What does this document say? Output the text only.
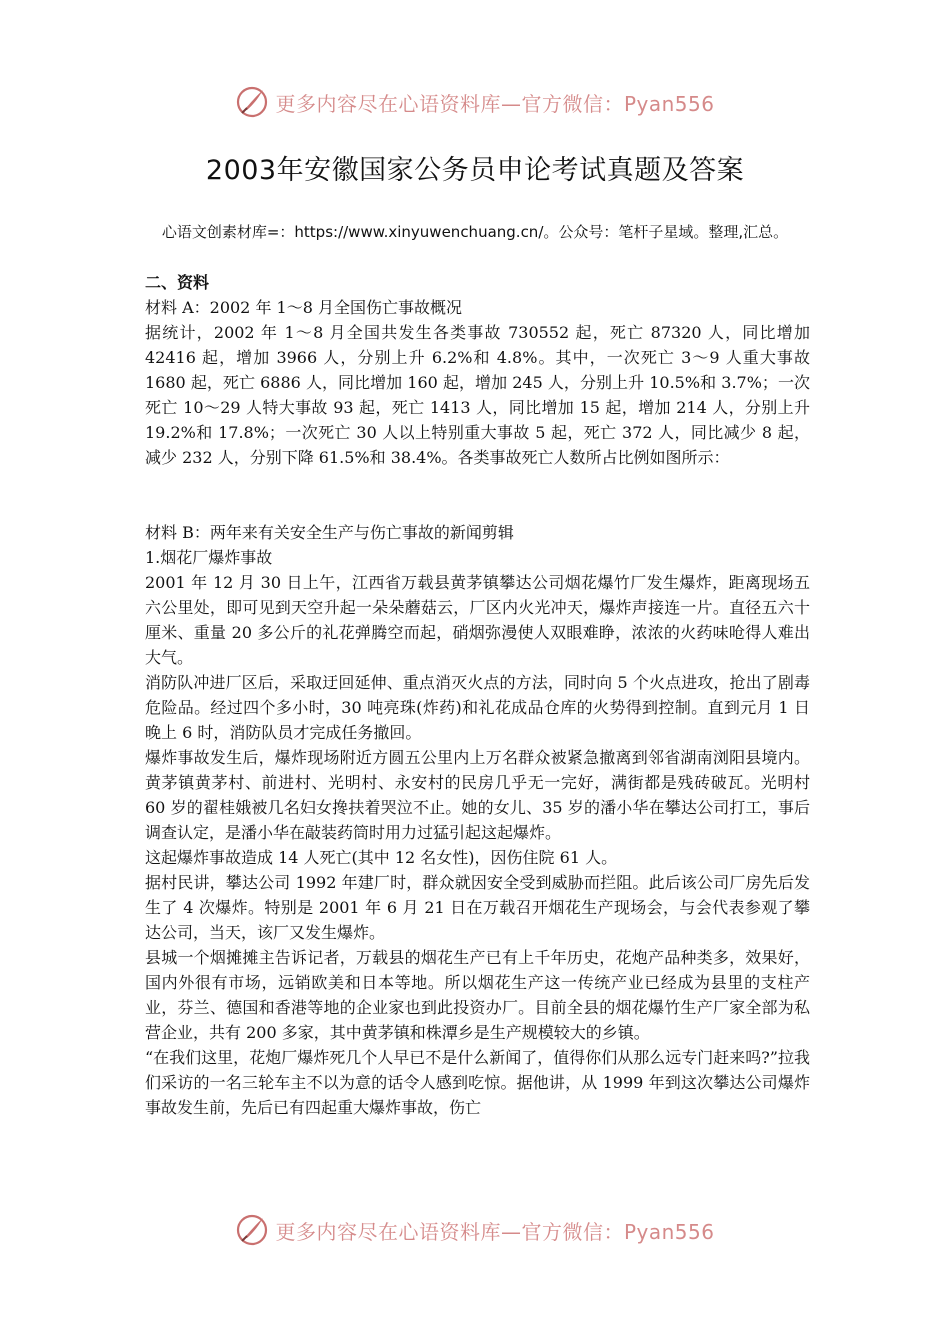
更多内容尽在心语资料库—官方微信：Pyan556
2003年安徽国家公务员申论考试真题及答案
心语文创素材库=：https://www.xinyuwenchuang.cn/。公众号：笔杆子星域。整理,汇总。

二、资料

材料 A：2002 年 1～8 月全国伤亡事故概况

据统计，2002 年 1～8 月全国共发生各类事故 730552 起，死亡 87320 人，同比增加 42416 起，增加 3966 人，分别上升 6.2%和 4.8%。其中，一次死亡 3～9 人重大事故 1680 起，死亡 6886 人，同比增加 160 起，增加 245 人，分别上升 10.5%和 3.7%；一次死亡 10～29 人特大事故 93 起，死亡 1413 人，同比增加 15 起，增加 214 人，分别上升 19.2%和 17.8%；一次死亡 30 人以上特别重大事故 5 起，死亡 372 人，同比减少 8 起，减少 232 人，分别下降 61.5%和 38.4%。各类事故死亡人数所占比例如图所示：

材料 B：两年来有关安全生产与伤亡事故的新闻剪辑

1.烟花厂爆炸事故

2001 年 12 月 30 日上午，江西省万载县黄茅镇攀达公司烟花爆竹厂发生爆炸，距离现场五六公里处，即可见到天空升起一朵朵蘑菇云，厂区内火光冲天，爆炸声接连一片。直径五六十厘米、重量 20 多公斤的礼花弹腾空而起，硝烟弥漫使人双眼难睁，浓浓的火药味呛得人难出大气。

消防队冲进厂区后，采取迂回延伸、重点消灭火点的方法，同时向 5 个火点进攻，抢出了剧毒危险品。经过四个多小时，30 吨亮珠(炸药)和礼花成品仓库的火势得到控制。直到元月 1 日晚上 6 时，消防队员才完成任务撤回。

爆炸事故发生后，爆炸现场附近方圆五公里内上万名群众被紧急撤离到邻省湖南浏阳县境内。黄茅镇黄茅村、前进村、光明村、永安村的民房几乎无一完好，满街都是残砖破瓦。光明村 60 岁的翟桂娥被几名妇女搀扶着哭泣不止。她的女儿、35 岁的潘小华在攀达公司打工，事后调查认定，是潘小华在敲装药筒时用力过猛引起这起爆炸。

这起爆炸事故造成 14 人死亡(其中 12 名女性)，因伤住院 61 人。

据村民讲，攀达公司 1992 年建厂时，群众就因安全受到威胁而拦阻。此后该公司厂房先后发生了 4 次爆炸。特别是 2001 年 6 月 21 日在万载召开烟花生产现场会，与会代表参观了攀达公司，当天，该厂又发生爆炸。

县城一个烟摊摊主告诉记者，万载县的烟花生产已有上千年历史，花炮产品种类多，效果好，国内外很有市场，远销欧美和日本等地。所以烟花生产这一传统产业已经成为县里的支柱产业，芬兰、德国和香港等地的企业家也到此投资办厂。目前全县的烟花爆竹生产厂家全部为私营企业，共有 200 多家，其中黄茅镇和株潭乡是生产规模较大的乡镇。

“在我们这里，花炮厂爆炸死几个人早已不是什么新闻了，值得你们从那么远专门赶来吗?”拉我们采访的一名三轮车主不以为意的话令人感到吃惊。据他讲，从 1999 年到这次攀达公司爆炸事故发生前，先后已有四起重大爆炸事故，伤亡

更多内容尽在心语资料库—官方微信：Pyan556
